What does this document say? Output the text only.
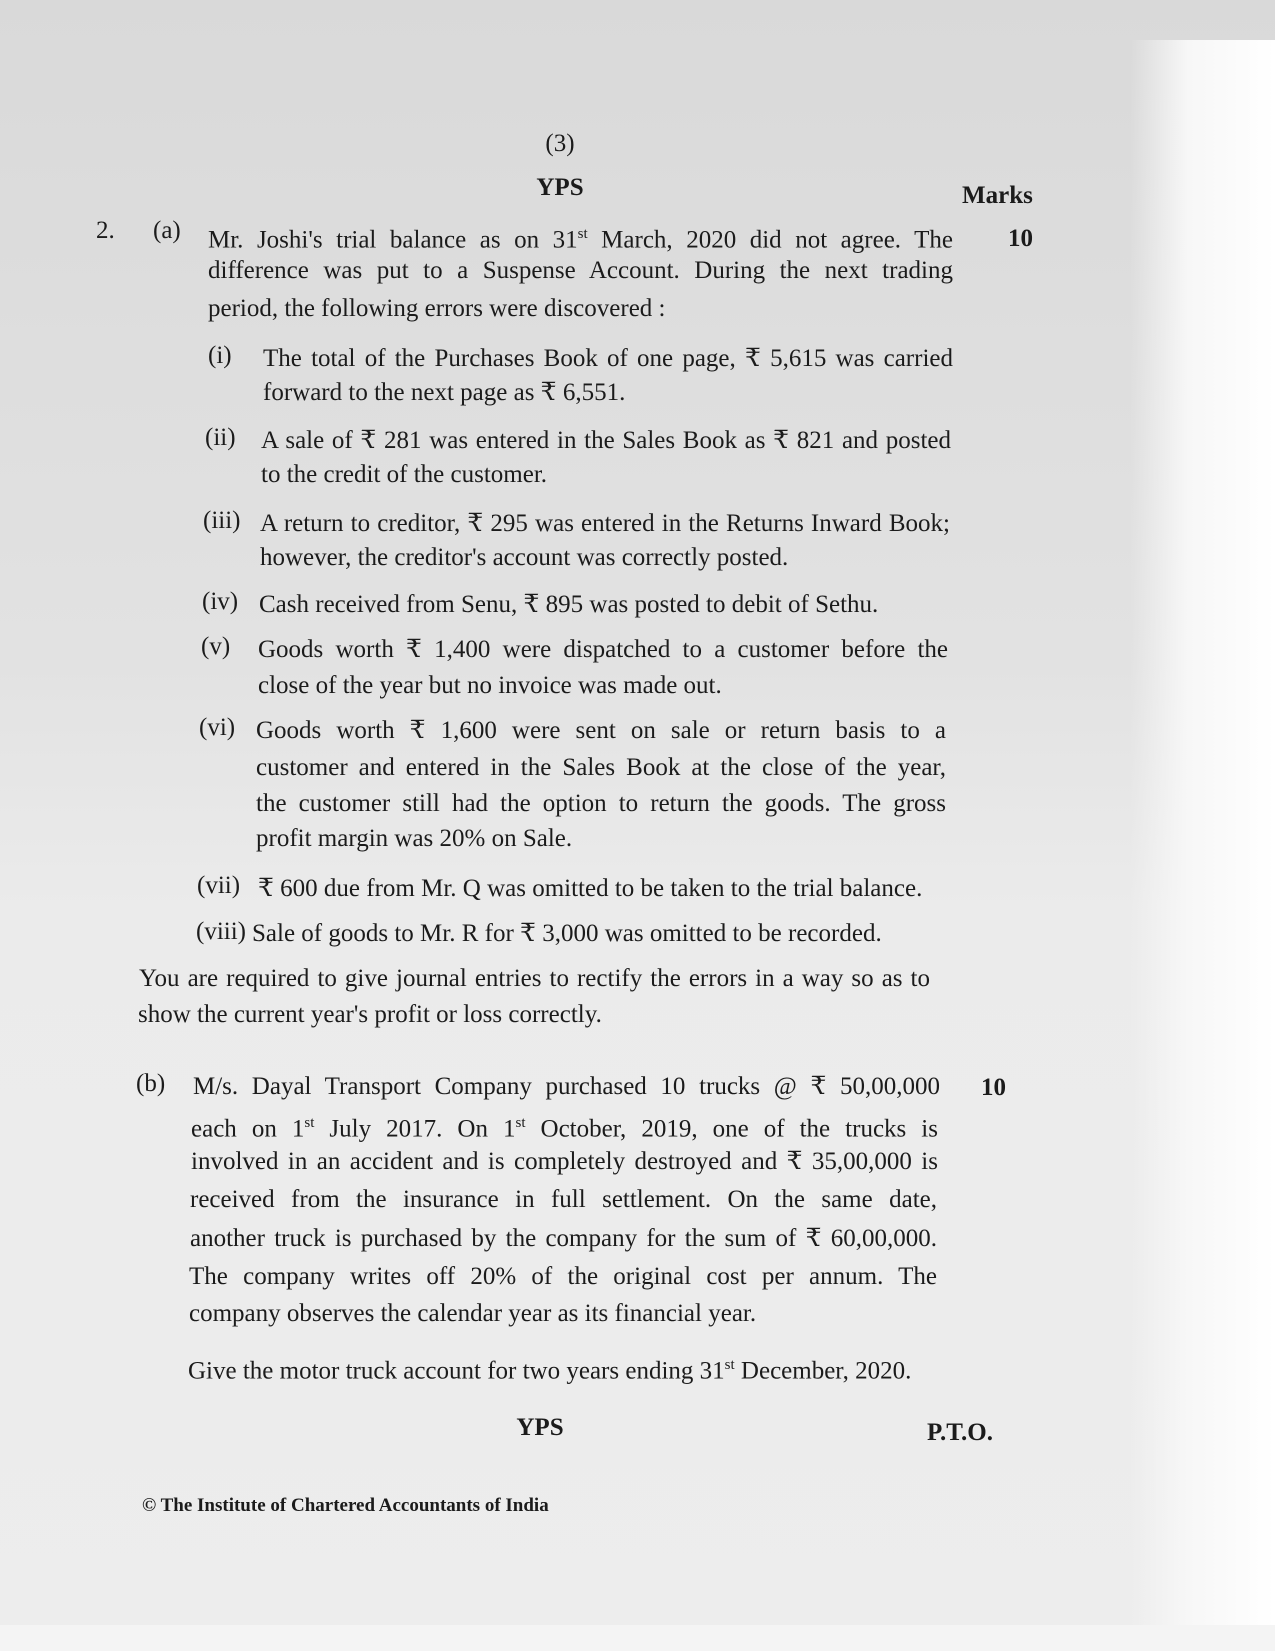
(3)
YPS	Marks
2. (a)	10
Mr. Joshi's trial balance as on 31st March, 2020 did not agree. The
difference was put to a Suspense Account. During the next trading
period, the following errors were discovered :
(i) The total of the Purchases Book of one page, ₹ 5,615 was carried
forward to the next page as ₹ 6,551.
(ii) A sale of ₹ 281 was entered in the Sales Book as ₹ 821 and posted
to the credit of the customer.
(iii) A return to creditor, ₹ 295 was entered in the Returns Inward Book;
however, the creditor's account was correctly posted.
(iv) Cash received from Senu, ₹ 895 was posted to debit of Sethu.
(v) Goods worth ₹ 1,400 were dispatched to a customer before the
close of the year but no invoice was made out.
(vi) Goods worth ₹ 1,600 were sent on sale or return basis to a
customer and entered in the Sales Book at the close of the year,
the customer still had the option to return the goods. The gross
profit margin was 20% on Sale.
(vii) ₹ 600 due from Mr. Q was omitted to be taken to the trial balance.
(viii) Sale of goods to Mr. R for ₹ 3,000 was omitted to be recorded.
You are required to give journal entries to rectify the errors in a way so as to
show the current year's profit or loss correctly.
(b)	10
M/s. Dayal Transport Company purchased 10 trucks @ ₹ 50,00,000
each on 1st July 2017. On 1st October, 2019, one of the trucks is
involved in an accident and is completely destroyed and ₹ 35,00,000 is
received from the insurance in full settlement. On the same date,
another truck is purchased by the company for the sum of ₹ 60,00,000.
The company writes off 20% of the original cost per annum. The
company observes the calendar year as its financial year.
Give the motor truck account for two years ending 31st December, 2020.
YPS	P.T.O.
© The Institute of Chartered Accountants of India
